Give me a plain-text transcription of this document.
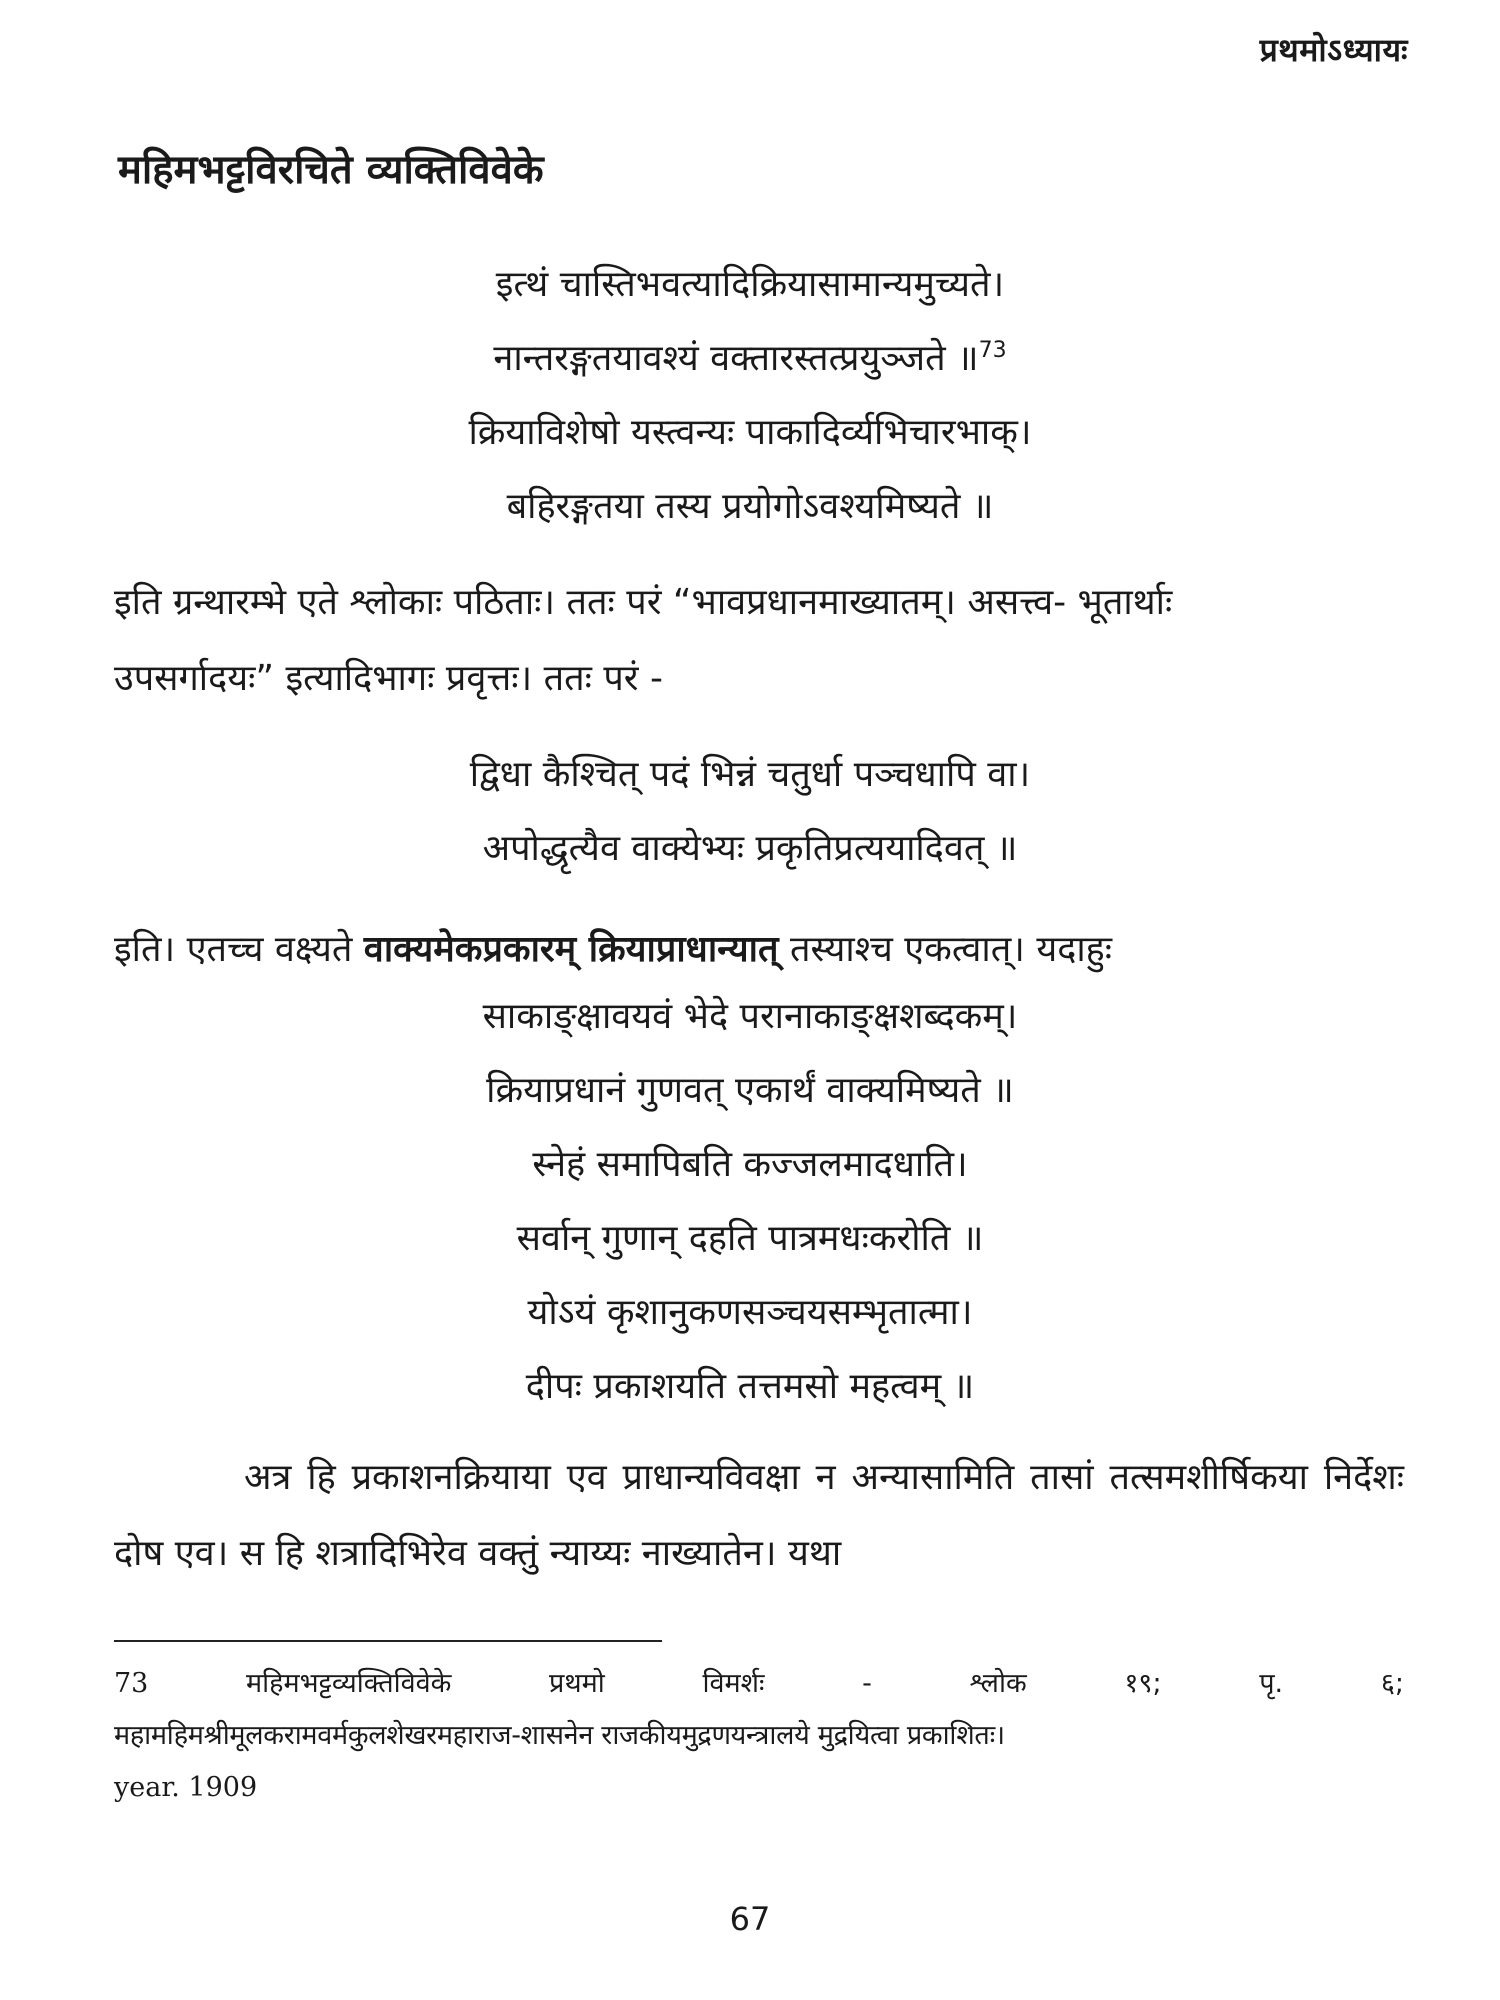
प्रथमोऽध्यायः
महिमभट्टविरचिते व्यक्तिविवेके
इत्थं चास्तिभवत्यादिक्रियासामान्यमुच्यते।
नान्तरङ्गतयावश्यं वक्तारस्तत्प्रयुञ्जते ॥$^{73}$
क्रियाविशेषो यस्त्वन्यः पाकादिर्व्यभिचारभाक्।
बहिरङ्गतया तस्य प्रयोगोऽवश्यमिष्यते ॥
इति ग्रन्थारम्भे एते श्लोकाः पठिताः। ततः परं “भावप्रधानमाख्यातम्। असत्त्व- भूतार्थाः
उपसर्गादयः” इत्यादिभागः प्रवृत्तः। ततः परं -
द्विधा कैश्चित् पदं भिन्नं चतुर्धा पञ्चधापि वा।
अपोद्धृत्यैव वाक्येभ्यः प्रकृतिप्रत्ययादिवत् ॥
इति। एतच्च वक्ष्यते वाक्यमेकप्रकारम् क्रियाप्राधान्यात् तस्याश्च एकत्वात्। यदाहुः
साकाङ्क्षावयवं भेदे परानाकाङ्क्षशब्दकम्।
क्रियाप्रधानं गुणवत् एकार्थं वाक्यमिष्यते ॥
स्नेहं समापिबति कज्जलमादधाति।
सर्वान् गुणान् दहति पात्रमधःकरोति ॥
योऽयं कृशानुकणसञ्चयसम्भृतात्मा।
दीपः प्रकाशयति तत्तमसो महत्वम् ॥
अत्र हि प्रकाशनक्रियाया एव प्राधान्यविवक्षा न अन्यासामिति तासां तत्समशीर्षिकया निर्देशः दोष एव। स हि शत्रादिभिरेव वक्तुं न्याय्यः नाख्यातेन। यथा
73	महिमभट्टव्यक्तिविवेके	प्रथमो	विमर्शः	-	श्लोक	१९;	पृ.	६;
महामहिमश्रीमूलकरामवर्मकुलशेखरमहाराज-शासनेन राजकीयमुद्रणयन्त्रालये मुद्रयित्वा प्रकाशितः।
year. 1909
67
